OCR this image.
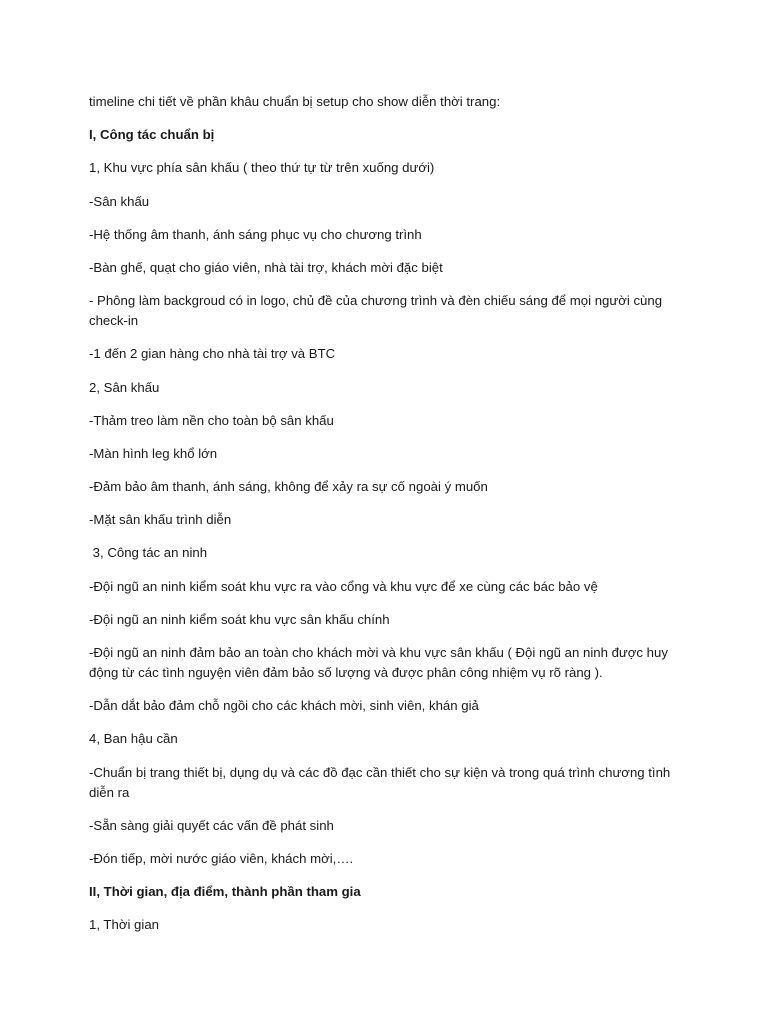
timeline chi tiết về phần khâu chuẩn bị setup cho show diễn thời trang:

I, Công tác chuẩn bị

1, Khu vực phía sân khấu ( theo thứ tự từ trên xuống dưới)

-Sân khấu

-Hệ thống âm thanh, ánh sáng phục vụ cho chương trình

-Bàn ghế, quạt cho giáo viên, nhà tài trợ, khách mời đặc biệt

- Phông làm backgroud có in logo, chủ đề của chương trình và đèn chiếu sáng để mọi người cùng check-in

-1 đến 2 gian hàng cho nhà tài trợ và BTC

2, Sân khấu

-Thảm treo làm nền cho toàn bộ sân khấu

-Màn hình leg khổ lớn

-Đảm bảo âm thanh, ánh sáng, không để xảy ra sự cố ngoài ý muốn

-Mặt sân khấu trình diễn

3, Công tác an ninh

-Đội ngũ an ninh kiểm soát khu vực ra vào cổng và khu vực để xe cùng các bác bảo vệ

-Đội ngũ an ninh kiểm soát khu vực sân khấu chính

-Đội ngũ an ninh đảm bảo an toàn cho khách mời và khu vực sân khấu ( Đội ngũ an ninh được huy động từ các tình nguyện viên đảm bảo số lượng và được phân công nhiệm vụ rõ ràng ).

-Dẫn dắt bảo đảm chỗ ngồi cho các khách mời, sinh viên, khán giả

4, Ban hậu cần

-Chuẩn bị trang thiết bị, dụng dụ và các đồ đạc cần thiết cho sự kiện và trong quá trình chương tình diễn ra

-Sẵn sàng giải quyết các vấn đề phát sinh

-Đón tiếp, mời nước giáo viên, khách mời,….

II, Thời gian, địa điểm, thành phần tham gia

1, Thời gian
